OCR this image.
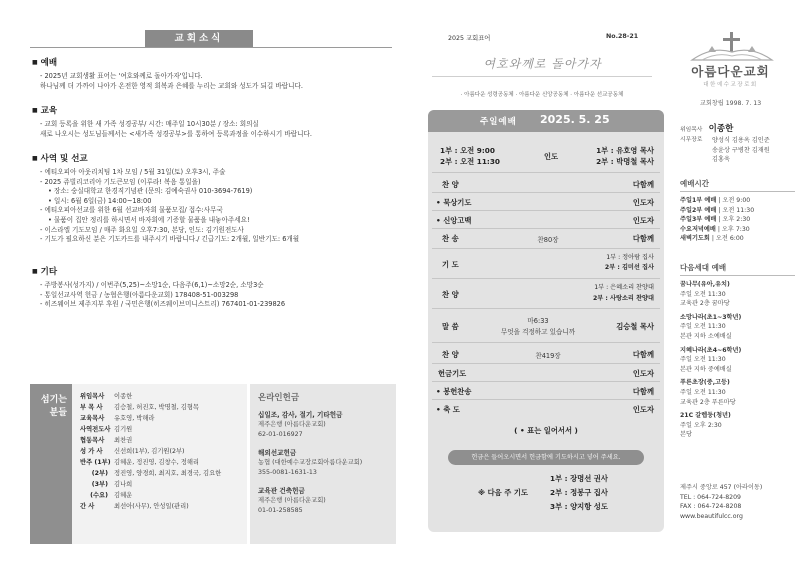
교회소식
■ 예배
- 2025년 교회생활 표어는 '여호와께로 돌아가자'입니다.
하나님께 더 가까이 나아가 온전한 영적 회복과 은혜를 누리는 교회와 성도가 되길 바랍니다.
■ 교육
- 교회 등록을 위한 새 가족 성경공부/ 시간: 매주일 10시30분 / 장소: 회의실
새로 나오시는 성도님들께서는 <새가족 성경공부>를 통하여 등록과정을 이수하시기 바랍니다.
■ 사역 및 선교
- 에티오피아 아웃리치팀 1차 모임 / 5월 31일(토) 오후3시, 주술
- 2025 쥬빌리코리아 기도큰모임 (이루라! 복음 통일을)
• 장소: 숭실대학교 한경직기념관 (문의: 김예숙권사 010-3694-7619)
• 일시: 6월 6일(금) 14:00~18:00
- 에티오피아선교를 위한 6월 선교바자회 물품모집/ 접수:사무국
• 물품이 집안 정리를 하시면서 바자회에 기증할 물품을 내놓아주세요!
- 이스라엘 기도모임 / 매주 화요일 오후7:30, 본당, 인도: 김기원전도사
- 기도가 필요하신 분은 기도카드를 내주시기 바랍니다./ 긴급기도: 2개월, 일반기도: 6개월
■ 기타
- 주방봉사(성가지) / 이번주(5,25)~소망1순, 다음주(6,1)~소망2순, 소망3순
- 통일선교사역 헌금 / 농협은행(아름다운교회) 178408-51-003298
- 히즈웨이브 제주지부 후원 / 국민은행(히즈웨이브미니스트리) 767401-01-239826
섬기는 분들
위임목사 이종한
부 목 사 김승철, 허진호, 박명철, 김형목
교육목사 유호영, 박해라
사역전도사 김기원
협동목사 최찬권
성 가 사 신선희(1부), 김기원(2부)
반주 (1부) 김혜운, 정진영, 김창수, 정해리
(2부) 정진영, 양경희, 최지호, 최경국, 김요한
(3부) 김나희
(수요) 김혜운
간 사	최선아(사무), 안성일(관리)
온라인헌금
십일조, 감사, 절기, 기타헌금
제주은행 (아름다운교회)
62-01-016927
해외선교헌금
농협 (대한예수교장로회아름다운교회)
355-0081-1631-13
교육관 건축헌금
제주은행 (아름다운교회)
01-01-258585
2025 교회표어	No.28-21
여호와께로 돌아가자
· 아름다운 성령공동체 · 아름다운 신앙공동체 · 아름다운 선교공동체
아름다운교회
대한예수교장로회
교회창립 1998. 7. 13
주일예배 2025. 5. 25
1부 : 오전 9:00
2부 : 오전 11:30
인도
1부 : 유호영 목사
2부 : 박명철 목사
찬 양	다함께
• 묵상기도	인도자
• 신앙고백	인도자
찬 송	찬80장	다함께
기 도
1부 : 정아람 집사
2부 : 김미선 집사
찬 양
1부 : 은혜소리 찬양대
2부 : 사랑소리 찬양대
말 씀
마6:33
무엇을 걱정하고 있습니까
김승철 목사
찬 양	찬419장	다함께
헌금기도	인도자
• 봉헌찬송	다함께
• 축 도	인도자
( • 표는 일어서서 )
헌금은 들어오시면서 헌금함에 기도하시고 넣어 주세요.
※ 다음 주 기도
1부 : 장명선 권사
2부 : 정봉구 집사
3부 : 양지항 성도
위임목사 이종한
시무장로	양성식 김용옥 김인준
송윤상 구병찬 김재원
김홍욱
예배시간
주일1부 예배 | 오전 9:00
주일2부 예배 | 오전 11:30
주일3부 예배 | 오후 2:30
수요저녁예배 | 오후 7:30
새벽기도회 | 오전 6:00
다음세대 예배
꿈나무(유아,유치)
주일 오전 11:30
교육관 2층 꿈마당
소망나라(초1~3학년)
주일 오전 11:30
본관 지하 소예배실
지혜나라(초4~6학년)
주일 오전 11:30
본관 지하 중예배실
푸른초장(중,고등)
주일 오전 11:30
교육관 2층 푸른마당
21C 갈렙둥(청년)
주일 오후 2:30
본당
제주시 중앙로 457 (아라이동)
TEL : 064-724-8209
FAX : 064-724-8208
www.beautifulcc.org
